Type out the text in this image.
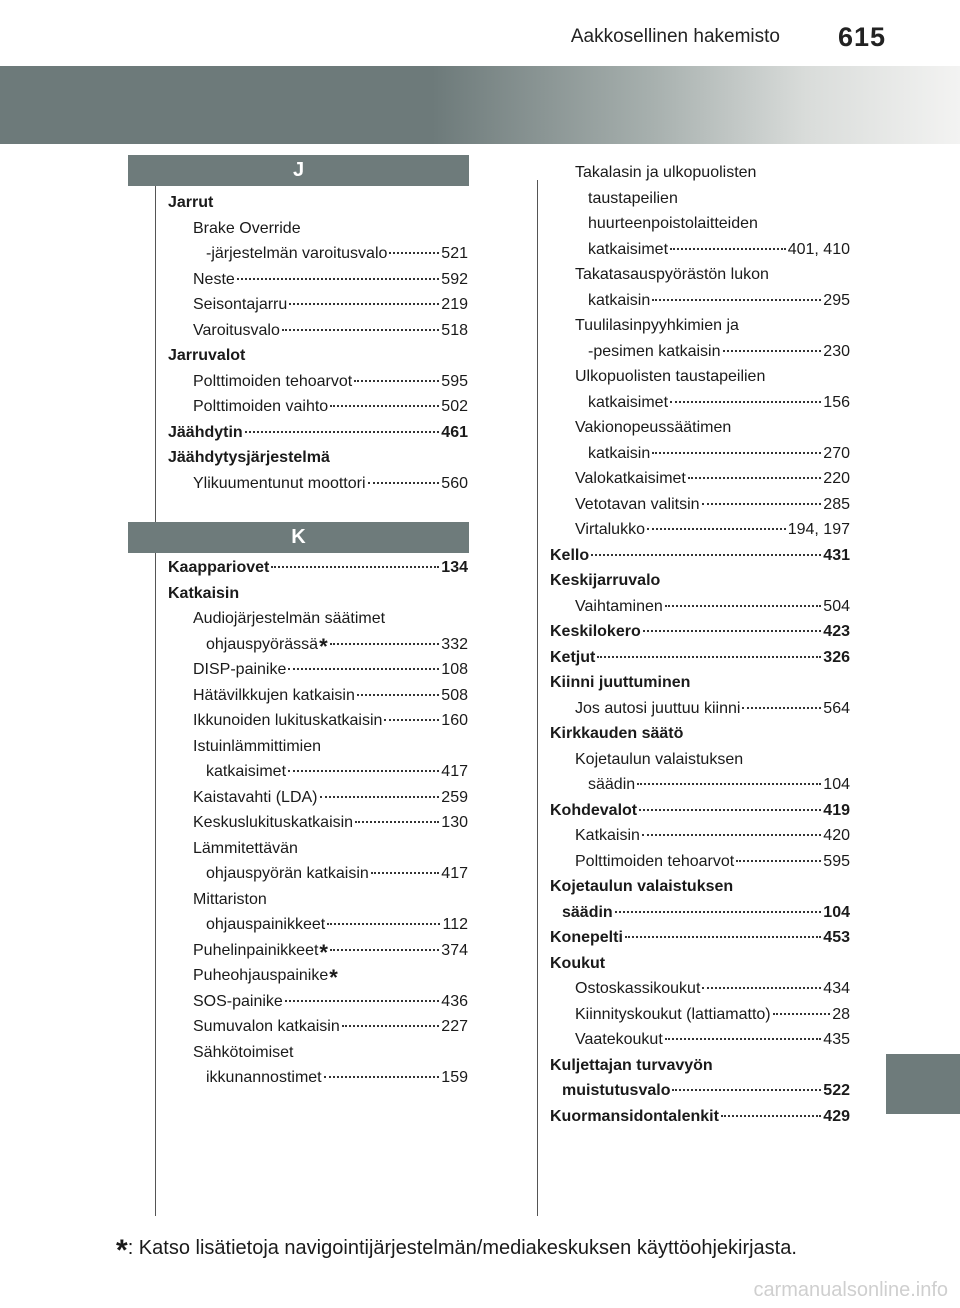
Aakkosellinen hakemisto 615
J
Jarrut
Brake Override
-järjestelmän varoitusvalo	521
Neste	592
Seisontajarru	219
Varoitusvalo	518
Jarruvalot
Polttimoiden tehoarvot	595
Polttimoiden vaihto	502
Jäähdytin	461
Jäähdytysjärjestelmä
Ylikuumentunut moottori	560
K
Kaappariovet	134
Katkaisin
Audiojärjestelmän säätimet
ohjauspyörässä*	332
DISP-painike	108
Hätävilkkujen katkaisin	508
Ikkunoiden lukituskatkaisin	160
Istuinlämmittimien
katkaisimet	417
Kaistavahti (LDA)	259
Keskuslukituskatkaisin	130
Lämmitettävän
ohjauspyörän katkaisin	417
Mittariston
ohjauspainikkeet	112
Puhelinpainikkeet*	374
Puheohjauspainike*
SOS-painike	436
Sumuvalon katkaisin	227
Sähkötoimiset
ikkunannostimet	159
Takalasin ja ulkopuolisten
taustapeilien
huurteenpoistolaitteiden
katkaisimet	401, 410
Takatasauspyörästön lukon
katkaisin	295
Tuulilasinpyyhkimien ja
-pesimen katkaisin	230
Ulkopuolisten taustapeilien
katkaisimet	156
Vakionopeussäätimen
katkaisin	270
Valokatkaisimet	220
Vetotavan valitsin	285
Virtalukko	194, 197
Kello	431
Keskijarruvalo
Vaihtaminen	504
Keskilokero	423
Ketjut	326
Kiinni juuttuminen
Jos autosi juuttuu kiinni	564
Kirkkauden säätö
Kojetaulun valaistuksen
säädin	104
Kohdevalot	419
Katkaisin	420
Polttimoiden tehoarvot	595
Kojetaulun valaistuksen
säädin	104
Konepelti	453
Koukut
Ostoskassikoukut	434
Kiinnityskoukut (lattiamatto)	28
Vaatekoukut	435
Kuljettajan turvavyön
muistutusvalo	522
Kuormansidontalenkit	429
*: Katso lisätietoja navigointijärjestelmän/mediakeskuksen käyttöohjekirjasta.
carmanualsonline.info
